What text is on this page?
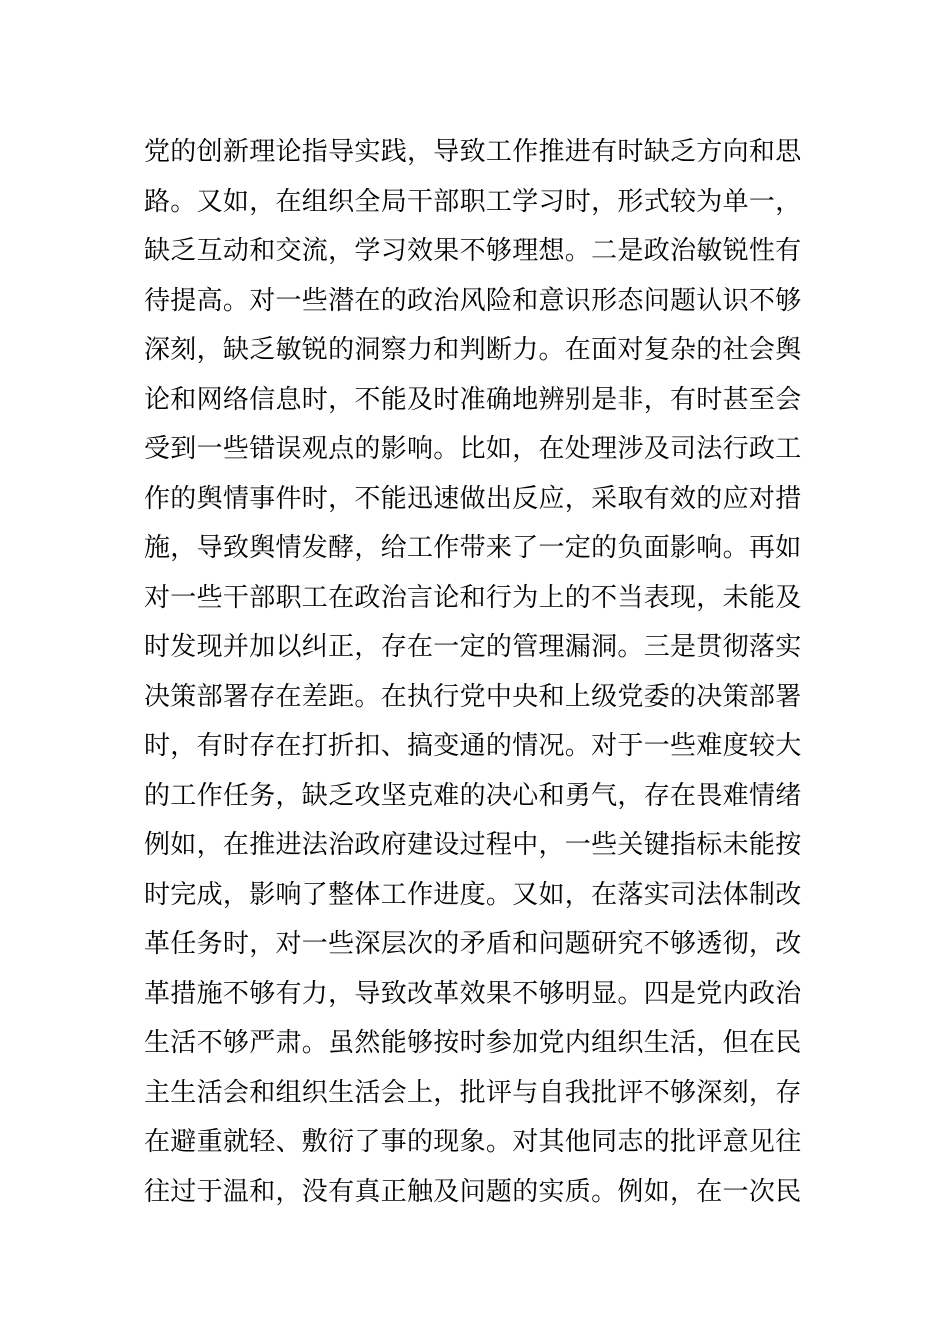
党的创新理论指导实践，导致工作推进有时缺乏方向和思
路。又如，在组织全局干部职工学习时，形式较为单一，
缺乏互动和交流，学习效果不够理想。二是政治敏锐性有
待提高。对一些潜在的政治风险和意识形态问题认识不够
深刻，缺乏敏锐的洞察力和判断力。在面对复杂的社会舆
论和网络信息时，不能及时准确地辨别是非，有时甚至会
受到一些错误观点的影响。比如，在处理涉及司法行政工
作的舆情事件时，不能迅速做出反应，采取有效的应对措
施，导致舆情发酵，给工作带来了一定的负面影响。再如
对一些干部职工在政治言论和行为上的不当表现，未能及
时发现并加以纠正，存在一定的管理漏洞。三是贯彻落实
决策部署存在差距。在执行党中央和上级党委的决策部署
时，有时存在打折扣、搞变通的情况。对于一些难度较大
的工作任务，缺乏攻坚克难的决心和勇气，存在畏难情绪
例如，在推进法治政府建设过程中，一些关键指标未能按
时完成，影响了整体工作进度。又如，在落实司法体制改
革任务时，对一些深层次的矛盾和问题研究不够透彻，改
革措施不够有力，导致改革效果不够明显。四是党内政治
生活不够严肃。虽然能够按时参加党内组织生活，但在民
主生活会和组织生活会上，批评与自我批评不够深刻，存
在避重就轻、敷衍了事的现象。对其他同志的批评意见往
往过于温和，没有真正触及问题的实质。例如，在一次民
